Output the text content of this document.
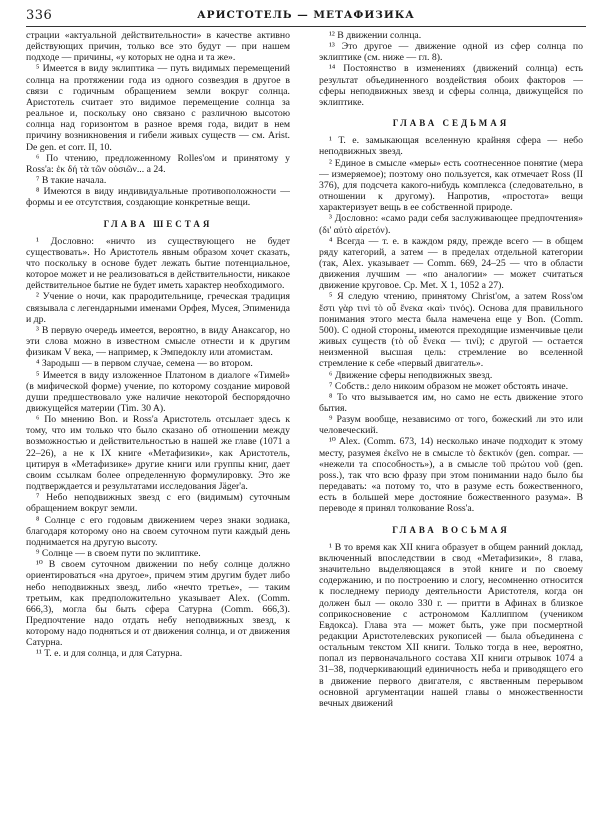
336	АРИСТОТЕЛЬ — МЕТАФИЗИКА

страции «актуальной действительности» в качестве активно действующих причин, только все это будут — при нашем подходе — причины, «у которых не одна и та же».

⁵ Имеется в виду эклиптика — путь видимых перемещений солнца на протяжении года из одного созвездия в другое в связи с годичным обращением земли вокруг солнца. Аристотель считает это видимое перемещение солнца за реальное и, поскольку оно связано с различною высотою солнца над горизонтом в разное время года, видит в нем причину возникновения и гибели живых существ — см. Arist. De gen. et corr. II, 10.

⁶ По чтению, предложенному Rolles'ом и принятому у Ross'а: ἐκ δή τὰ τῶν οὐσιῶν... a 24.

⁷ В такие начала.

⁸ Имеются в виду индивидуальные противоположности — формы и ее отсутствия, создающие конкретные вещи.

ГЛАВА ШЕСТАЯ

¹ Дословно: «ничто из существующего не будет существовать». Но Аристотель явным образом хочет сказать, что поскольку в основе будет лежать бытие потенциальное, которое может и не реализоваться в действительности, никакое действительное бытие не будет иметь характер необходимого.

² Учение о ночи, как прародительнице, греческая традиция связывала с легендарными именами Орфея, Мусея, Эпименида и др.

³ В первую очередь имеется, вероятно, в виду Анаксагор, но эти слова можно в известном смысле отнести и к другим физикам V века, — например, к Эмпедоклу или атомистам.

⁴ Зародыш — в первом случае, семена — во втором.

⁵ Имеется в виду изложенное Платоном в диалоге «Тимей» (в мифической форме) учение, по которому создание мировой души предшествовало уже наличие некоторой беспорядочно движущейся материи (Tim. 30 A).

⁶ По мнению Bon. и Ross'а Аристотель отсылает здесь к тому, что им только что было сказано об отношении между возможностью и действительностью в нашей же главе (1071 a 22–26), а не к IX книге «Метафизики», как Аристотель, цитируя в «Метафизике» другие книги или группы книг, дает своим ссылкам более определенную формулировку. Это же подтверждается и результатами исследования Jäger'а.

⁷ Небо неподвижных звезд с его (видимым) суточным обращением вокруг земли.

⁸ Солнце с его годовым движением через знаки зодиака, благодаря которому оно на своем суточном пути каждый день поднимается на другую высоту.

⁹ Солнце — в своем пути по эклиптике.

¹⁰ В своем суточном движении по небу солнце должно ориентироваться «на другое», причем этим другим будет либо небо неподвижных звезд, либо «нечто третье», — таким третьим, как предположительно указывает Alex. (Comm. 666,3), могла бы быть сфера Сатурна (Comm. 666,3). Предпочтение надо отдать небу неподвижных звезд, к которому надо подняться и от движения солнца, и от движения Сатурна.

¹¹ Т. е. и для солнца, и для Сатурна.

¹² В движении солнца.

¹³ Это другое — движение одной из сфер солнца по эклиптике (см. ниже — гл. 8).

¹⁴ Постоянство в изменениях (движений солнца) есть результат объединенного воздействия обоих факторов — сферы неподвижных звезд и сферы солнца, движущейся по эклиптике.

ГЛАВА СЕДЬМАЯ

¹ Т. е. замыкающая вселенную крайняя сфера — небо неподвижных звезд.

² Единое в смысле «меры» есть соотнесенное понятие (мера — измеряемое); поэтому оно пользуется, как отмечает Ross (II 376), для подсчета какого-нибудь комплекса (следовательно, в отношении к другому). Напротив, «простота» вещи характеризует вещь в ее собственной природе.

³ Дословно: «само ради себя заслуживающее предпочтения» (δι' αὑτὸ αἱρετόν).

⁴ Всегда — т. е. в каждом ряду, прежде всего — в общем ряду категорий, а затем — в пределах отдельной категории (так, Alex. указывает — Comm. 669, 24–25 — что в области движения лучшим — «по аналогии» — может считаться движение круговое. Ср. Met. X 1, 1052 a 27).

⁵ Я следую чтению, принятому Christ'ом, а затем Ross'ом ἔστι γὰρ τινὶ τὸ οὗ ἕνεκα ‹καὶ› τινός). Основа для правильного понимания этого места была намечена еще у Bon. (Comm. 500). С одной стороны, имеются преходящие изменчивые цели живых существ (τὸ οὗ ἕνεκα — τινί); с другой — остается неизменной высшая цель: стремление во вселенной стремление к себе «первый двигатель».

⁶ Движение сферы неподвижных звезд.

⁷ Собств.: дело никоим образом не может обстоять иначе.

⁸ То что вызывается им, но само не есть движение этого бытия.

⁹ Разум вообще, независимо от того, божеский ли это или человеческий.

¹⁰ Alex. (Comm. 673, 14) несколько иначе подходит к этому месту, разумея ἐκεῖνο не в смысле τὸ δεκτικόν (gen. compar. — «нежели та способность»), а в смысле τοῦ πρώτου νοῦ (gen. poss.), так что всю фразу при этом понимании надо было бы передавать: «а потому то, что в разуме есть божественного, есть в большей мере достояние божественного разума». В переводе я принял толкование Ross'а.

ГЛАВА ВОСЬМАЯ

¹ В то время как XII книга образует в общем ранний доклад, включенный впоследствии в свод «Метафизики», 8 глава, значительно выделяющаяся в этой книге и по своему содержанию, и по построению и слогу, несомненно относится к последнему периоду деятельности Аристотеля, когда он должен был — около 330 г. — притти в Афинах в близкое соприкосновение с астрономом Каллиппом (учеником Евдокса). Глава эта — может быть, уже при посмертной редакции Аристотелевских рукописей — была объединена с остальным текстом XII книги. Только тогда в нее, вероятно, попал из первоначального состава XII книги отрывок 1074 a 31–38, подчеркивающий единичность неба и приводящего его в движение первого двигателя, с явственным перерывом основной аргументации нашей главы о множественности вечных движений
